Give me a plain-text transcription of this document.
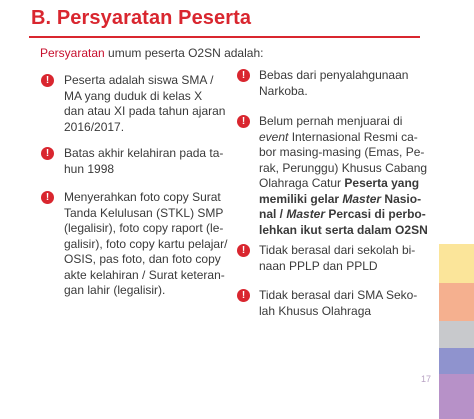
B. Persyaratan Peserta
Persyaratan umum peserta O2SN adalah:
!	Peserta adalah siswa SMA /

MA yang duduk di kelas X

dan atau XI pada tahun ajaran

2016/2017.

!	Batas akhir kelahiran pada ta-

hun 1998

!	Menyerahkan foto copy Surat

Tanda Kelulusan (STKL) SMP

(legalisir), foto copy raport (le-

galisir), foto copy kartu pelajar/

OSIS, pas foto, dan foto copy

akte kelahiran / Surat keteran-

gan lahir (legalisir).

!	Bebas dari penyalahgunaan

Narkoba.

!	Belum pernah menjuarai di

event Internasional Resmi ca-

bor masing-masing (Emas, Pe-

rak, Perunggu) Khusus Cabang

Olahraga Catur Peserta yang

memiliki gelar Master Nasio-

nal / Master Percasi di perbo-

lehkan ikut serta dalam O2SN

!	Tidak berasal dari sekolah bi-

naan PPLP dan PPLD

!	Tidak berasal dari SMA Seko-

lah Khusus Olahraga

17
